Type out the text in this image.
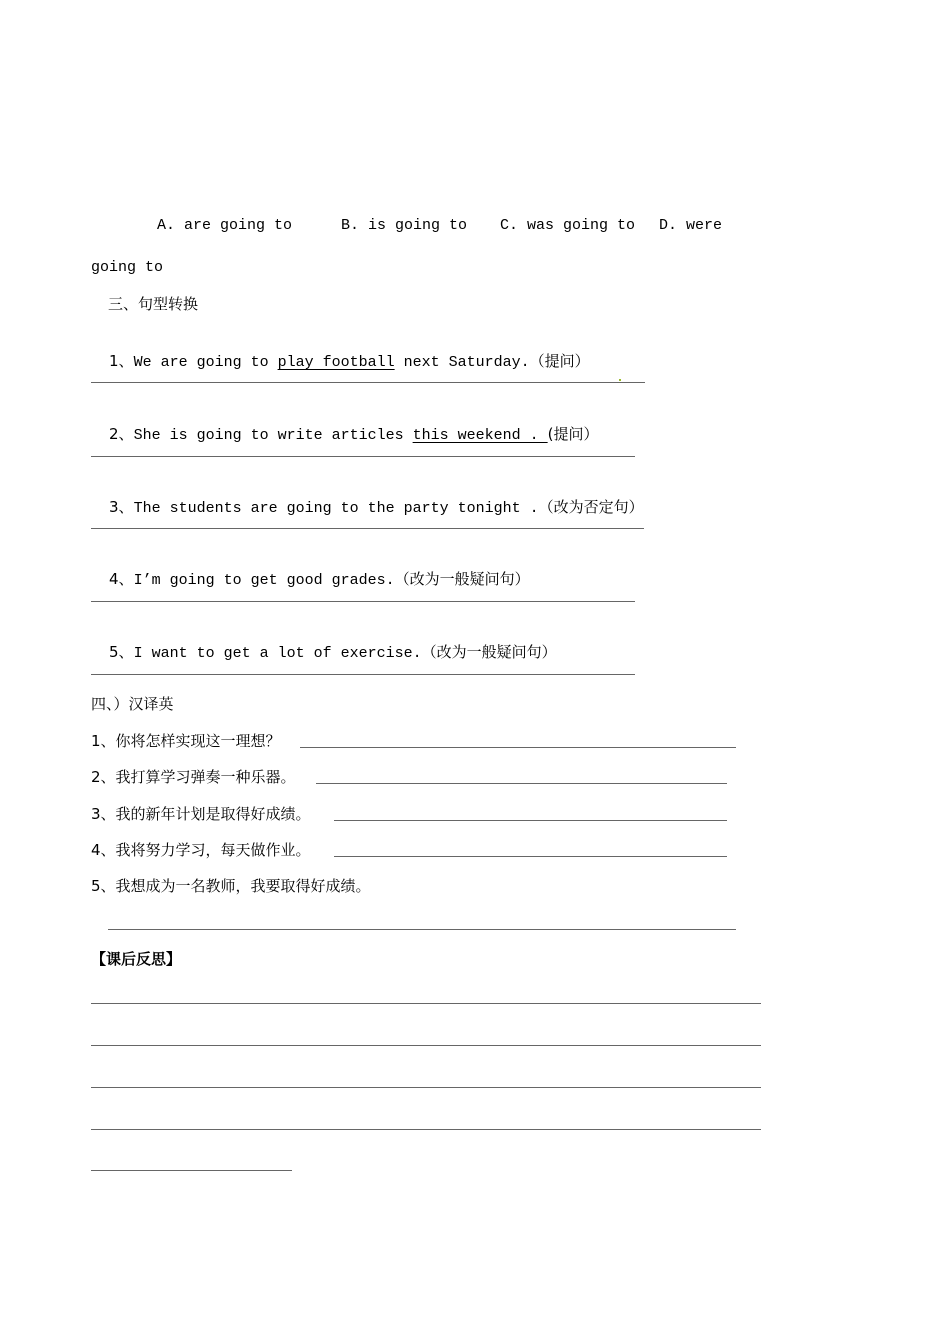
A. are going to	B. is going to C. was going to D. were
going to
三、句型转换

1、We are going to play football next Saturday.（提问）

2、She is going to write articles this weekend . (提问）

3、The students are going to the party tonight .（改为否定句）

4、I’m going to get good grades.（改为一般疑问句）

5、I want to get a lot of exercise.（改为一般疑问句）

四、）汉译英
1、你将怎样实现这一理想？
2、我打算学习弹奏一种乐器。
3、我的新年计划是取得好成绩。
4、我将努力学习，每天做作业。
5、我想成为一名教师，我要取得好成绩。
【课后反思】
